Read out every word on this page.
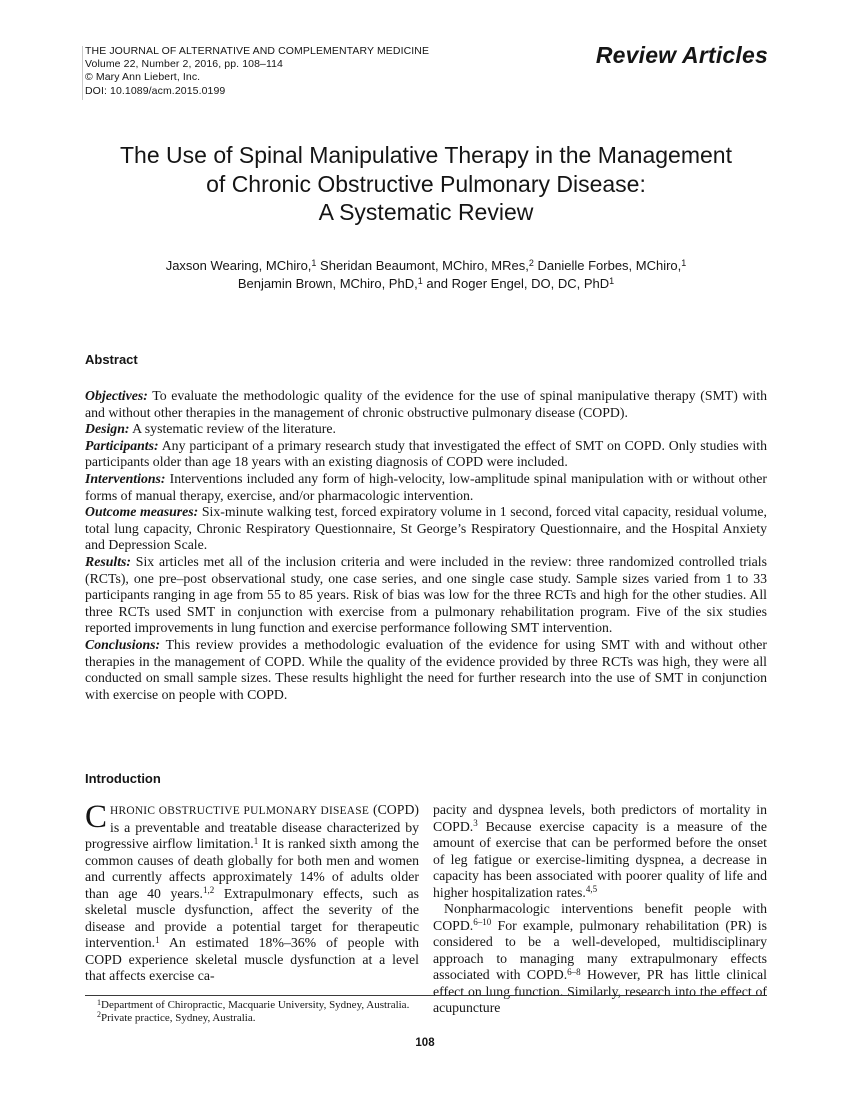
THE JOURNAL OF ALTERNATIVE AND COMPLEMENTARY MEDICINE
Volume 22, Number 2, 2016, pp. 108–114
© Mary Ann Liebert, Inc.
DOI: 10.1089/acm.2015.0199
Review Articles
The Use of Spinal Manipulative Therapy in the Management
of Chronic Obstructive Pulmonary Disease:
A Systematic Review
Jaxson Wearing, MChiro,$^1$ Sheridan Beaumont, MChiro, MRes,$^2$ Danielle Forbes, MChiro,$^1$
Benjamin Brown, MChiro, PhD,$^1$ and Roger Engel, DO, DC, PhD$^1$
Abstract

Objectives: To evaluate the methodologic quality of the evidence for the use of spinal manipulative therapy (SMT) with and without other therapies in the management of chronic obstructive pulmonary disease (COPD).

Design: A systematic review of the literature.

Participants: Any participant of a primary research study that investigated the effect of SMT on COPD. Only studies with participants older than age 18 years with an existing diagnosis of COPD were included.

Interventions: Interventions included any form of high-velocity, low-amplitude spinal manipulation with or without other forms of manual therapy, exercise, and/or pharmacologic intervention.

Outcome measures: Six-minute walking test, forced expiratory volume in 1 second, forced vital capacity, residual volume, total lung capacity, Chronic Respiratory Questionnaire, St George’s Respiratory Questionnaire, and the Hospital Anxiety and Depression Scale.

Results: Six articles met all of the inclusion criteria and were included in the review: three randomized controlled trials (RCTs), one pre–post observational study, one case series, and one single case study. Sample sizes varied from 1 to 33 participants ranging in age from 55 to 85 years. Risk of bias was low for the three RCTs and high for the other studies. All three RCTs used SMT in conjunction with exercise from a pulmonary rehabilitation program. Five of the six studies reported improvements in lung function and exercise performance following SMT intervention.

Conclusions: This review provides a methodologic evaluation of the evidence for using SMT with and without other therapies in the management of COPD. While the quality of the evidence provided by three RCTs was high, they were all conducted on small sample sizes. These results highlight the need for further research into the use of SMT in conjunction with exercise on people with COPD.

Introduction

CHRONIC OBSTRUCTIVE PULMONARY DISEASE (COPD) is a preventable and treatable disease characterized by progressive airflow limitation.$^1$ It is ranked sixth among the common causes of death globally for both men and women and currently affects approximately 14% of adults older than age 40 years.$^{1,2}$ Extrapulmonary effects, such as skeletal muscle dysfunction, affect the severity of the disease and provide a potential target for therapeutic intervention.$^1$ An estimated 18%–36% of people with COPD experience skeletal muscle dysfunction at a level that affects exercise ca-

pacity and dyspnea levels, both predictors of mortality in COPD.$^3$ Because exercise capacity is a measure of the amount of exercise that can be performed before the onset of leg fatigue or exercise-limiting dyspnea, a decrease in capacity has been associated with poorer quality of life and higher hospitalization rates.$^{4,5}$

Nonpharmacologic interventions benefit people with COPD.$^{6-10}$ For example, pulmonary rehabilitation (PR) is considered to be a well-developed, multidisciplinary approach to managing many extrapulmonary effects associated with COPD.$^{6-8}$ However, PR has little clinical effect on lung function. Similarly, research into the effect of acupuncture

$^1$Department of Chiropractic, Macquarie University, Sydney, Australia.

$^2$Private practice, Sydney, Australia.

108
